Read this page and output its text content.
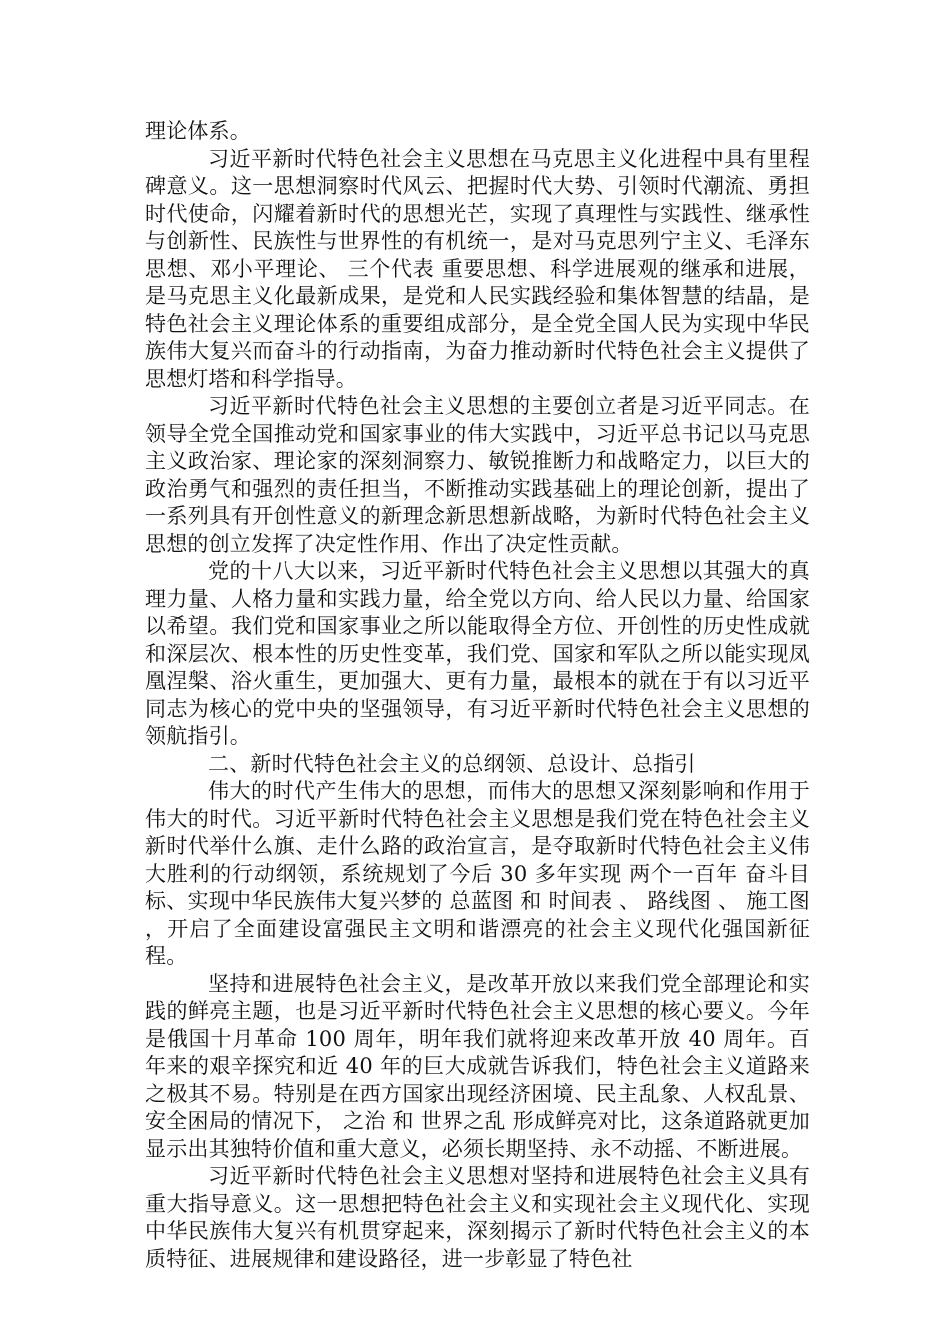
理论体系。

习近平新时代特色社会主义思想在马克思主义化进程中具有里程碑意义。这一思想洞察时代风云、把握时代大势、引领时代潮流、勇担时代使命，闪耀着新时代的思想光芒，实现了真理性与实践性、继承性与创新性、民族性与世界性的有机统一，是对马克思列宁主义、毛泽东思想、邓小平理论、 三个代表 重要思想、科学进展观的继承和进展，是马克思主义化最新成果，是党和人民实践经验和集体智慧的结晶，是特色社会主义理论体系的重要组成部分，是全党全国人民为实现中华民族伟大复兴而奋斗的行动指南，为奋力推动新时代特色社会主义提供了思想灯塔和科学指导。

习近平新时代特色社会主义思想的主要创立者是习近平同志。在领导全党全国推动党和国家事业的伟大实践中，习近平总书记以马克思主义政治家、理论家的深刻洞察力、敏锐推断力和战略定力，以巨大的政治勇气和强烈的责任担当，不断推动实践基础上的理论创新，提出了一系列具有开创性意义的新理念新思想新战略，为新时代特色社会主义思想的创立发挥了决定性作用、作出了决定性贡献。

党的十八大以来，习近平新时代特色社会主义思想以其强大的真理力量、人格力量和实践力量，给全党以方向、给人民以力量、给国家以希望。我们党和国家事业之所以能取得全方位、开创性的历史性成就和深层次、根本性的历史性变革，我们党、国家和军队之所以能实现凤凰涅槃、浴火重生，更加强大、更有力量，最根本的就在于有以习近平同志为核心的党中央的坚强领导，有习近平新时代特色社会主义思想的领航指引。

二、新时代特色社会主义的总纲领、总设计、总指引

伟大的时代产生伟大的思想，而伟大的思想又深刻影响和作用于伟大的时代。习近平新时代特色社会主义思想是我们党在特色社会主义新时代举什么旗、走什么路的政治宣言，是夺取新时代特色社会主义伟大胜利的行动纲领，系统规划了今后 30 多年实现 两个一百年 奋斗目标、实现中华民族伟大复兴梦的 总蓝图 和 时间表 、 路线图 、 施工图 ，开启了全面建设富强民主文明和谐漂亮的社会主义现代化强国新征程。

坚持和进展特色社会主义，是改革开放以来我们党全部理论和实践的鲜亮主题，也是习近平新时代特色社会主义思想的核心要义。今年是俄国十月革命 100 周年，明年我们就将迎来改革开放 40 周年。百年来的艰辛探究和近 40 年的巨大成就告诉我们，特色社会主义道路来之极其不易。特别是在西方国家出现经济困境、民主乱象、人权乱景、安全困局的情况下， 之治 和 世界之乱 形成鲜亮对比，这条道路就更加显示出其独特价值和重大意义，必须长期坚持、永不动摇、不断进展。

习近平新时代特色社会主义思想对坚持和进展特色社会主义具有重大指导意义。这一思想把特色社会主义和实现社会主义现代化、实现中华民族伟大复兴有机贯穿起来，深刻揭示了新时代特色社会主义的本质特征、进展规律和建设路径，进一步彰显了特色社
